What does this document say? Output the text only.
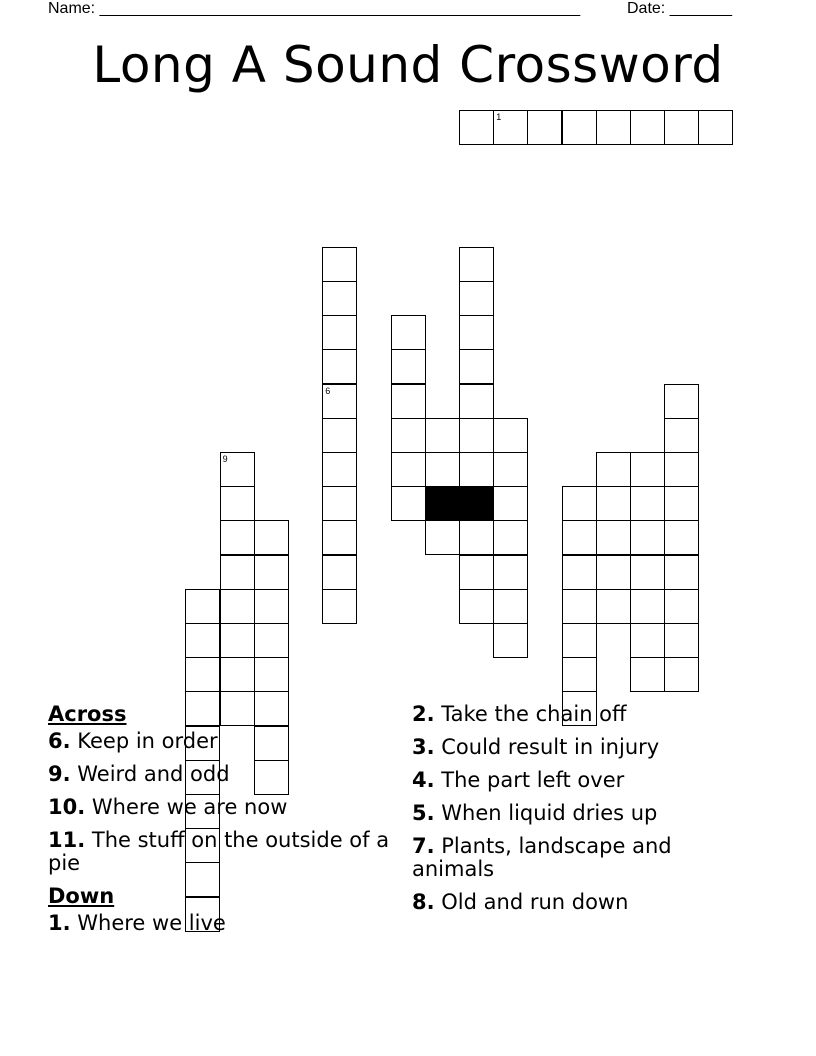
Name: ______________________________________________________	Date: _______
Long A Sound Crossword
1
6
9
Across
6. Keep in order
9. Weird and odd
10. Where we are now
11. The stuff on the outside of a pie
Down
1. Where we live
2. Take the chain off
3. Could result in injury
4. The part left over
5. When liquid dries up
7. Plants, landscape and animals
8. Old and run down
